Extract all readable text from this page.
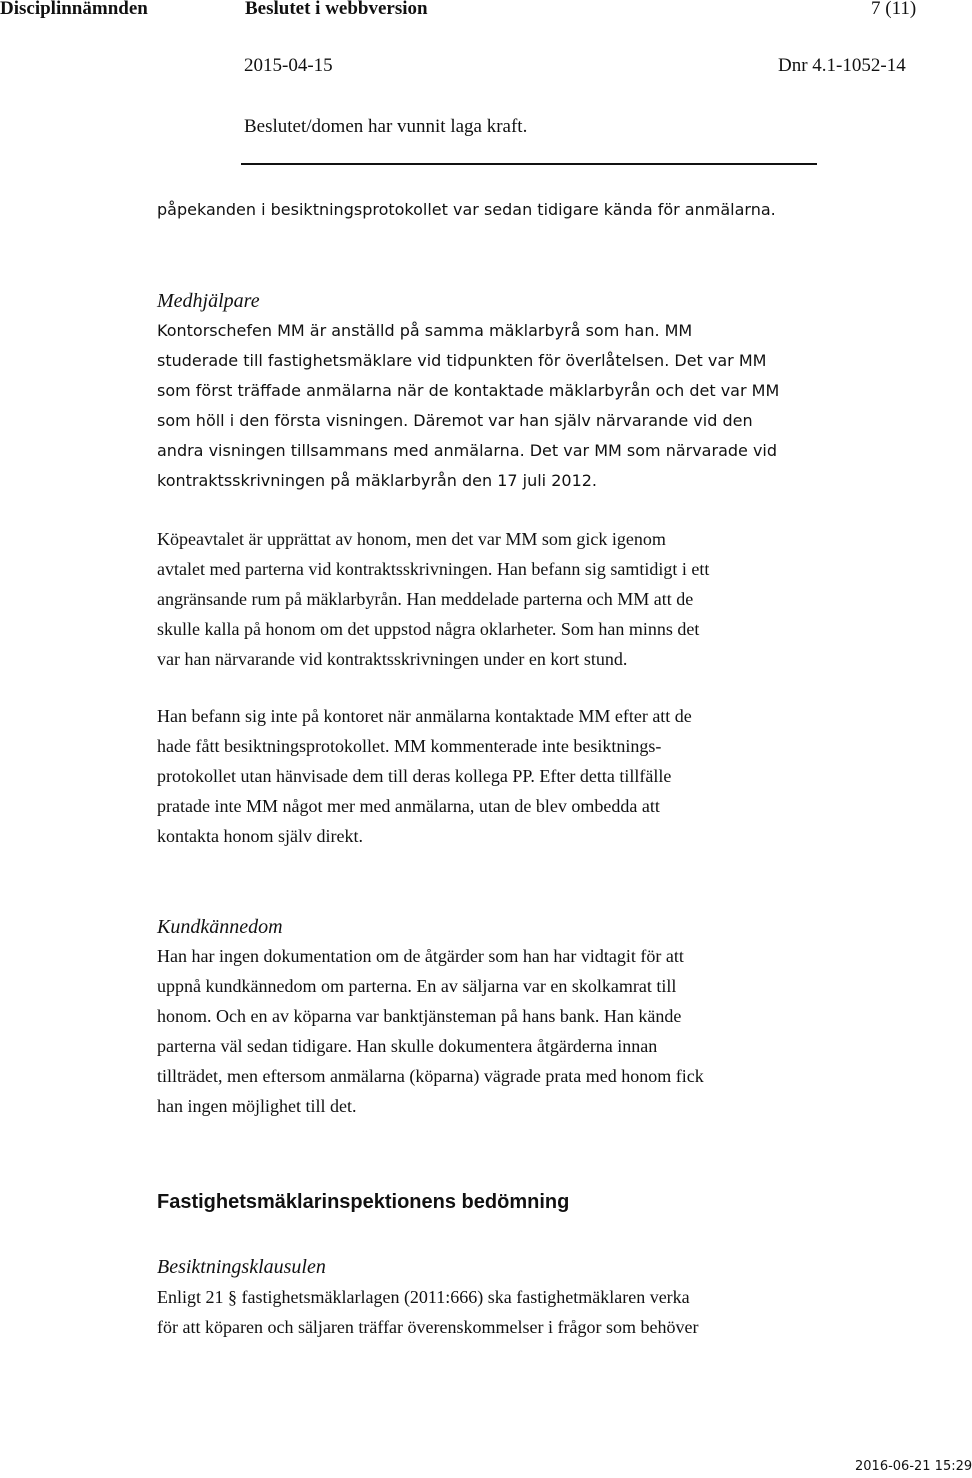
Disciplinnämnden	Beslutet i webbversion	7 (11)
2015-04-15	Dnr 4.1-1052-14
Beslutet/domen har vunnit laga kraft.
påpekanden i besiktningsprotokollet var sedan tidigare kända för anmälarna.
Medhjälpare
Kontorschefen MM är anställd på samma mäklarbyrå som han. MM
studerade till fastighetsmäklare vid tidpunkten för överlåtelsen. Det var MM
som först träffade anmälarna när de kontaktade mäklarbyrån och det var MM
som höll i den första visningen. Däremot var han själv närvarande vid den
andra visningen tillsammans med anmälarna. Det var MM som närvarade vid
kontraktsskrivningen på mäklarbyrån den 17 juli 2012.
Köpeavtalet är upprättat av honom, men det var MM som gick igenom
avtalet med parterna vid kontraktsskrivningen. Han befann sig samtidigt i ett
angränsande rum på mäklarbyrån. Han meddelade parterna och MM att de
skulle kalla på honom om det uppstod några oklarheter. Som han minns det
var han närvarande vid kontraktsskrivningen under en kort stund.
Han befann sig inte på kontoret när anmälarna kontaktade MM efter att de
hade fått besiktningsprotokollet. MM kommenterade inte besiktnings-
protokollet utan hänvisade dem till deras kollega PP. Efter detta tillfälle
pratade inte MM något mer med anmälarna, utan de blev ombedda att
kontakta honom själv direkt.
Kundkännedom
Han har ingen dokumentation om de åtgärder som han har vidtagit för att
uppnå kundkännedom om parterna. En av säljarna var en skolkamrat till
honom. Och en av köparna var banktjänsteman på hans bank. Han kände
parterna väl sedan tidigare. Han skulle dokumentera åtgärderna innan
tillträdet, men eftersom anmälarna (köparna) vägrade prata med honom fick
han ingen möjlighet till det.
Fastighetsmäklarinspektionens bedömning
Besiktningsklausulen
Enligt 21 § fastighetsmäklarlagen (2011:666) ska fastighetmäklaren verka
för att köparen och säljaren träffar överenskommelser i frågor som behöver
2016-06-21 15:29
